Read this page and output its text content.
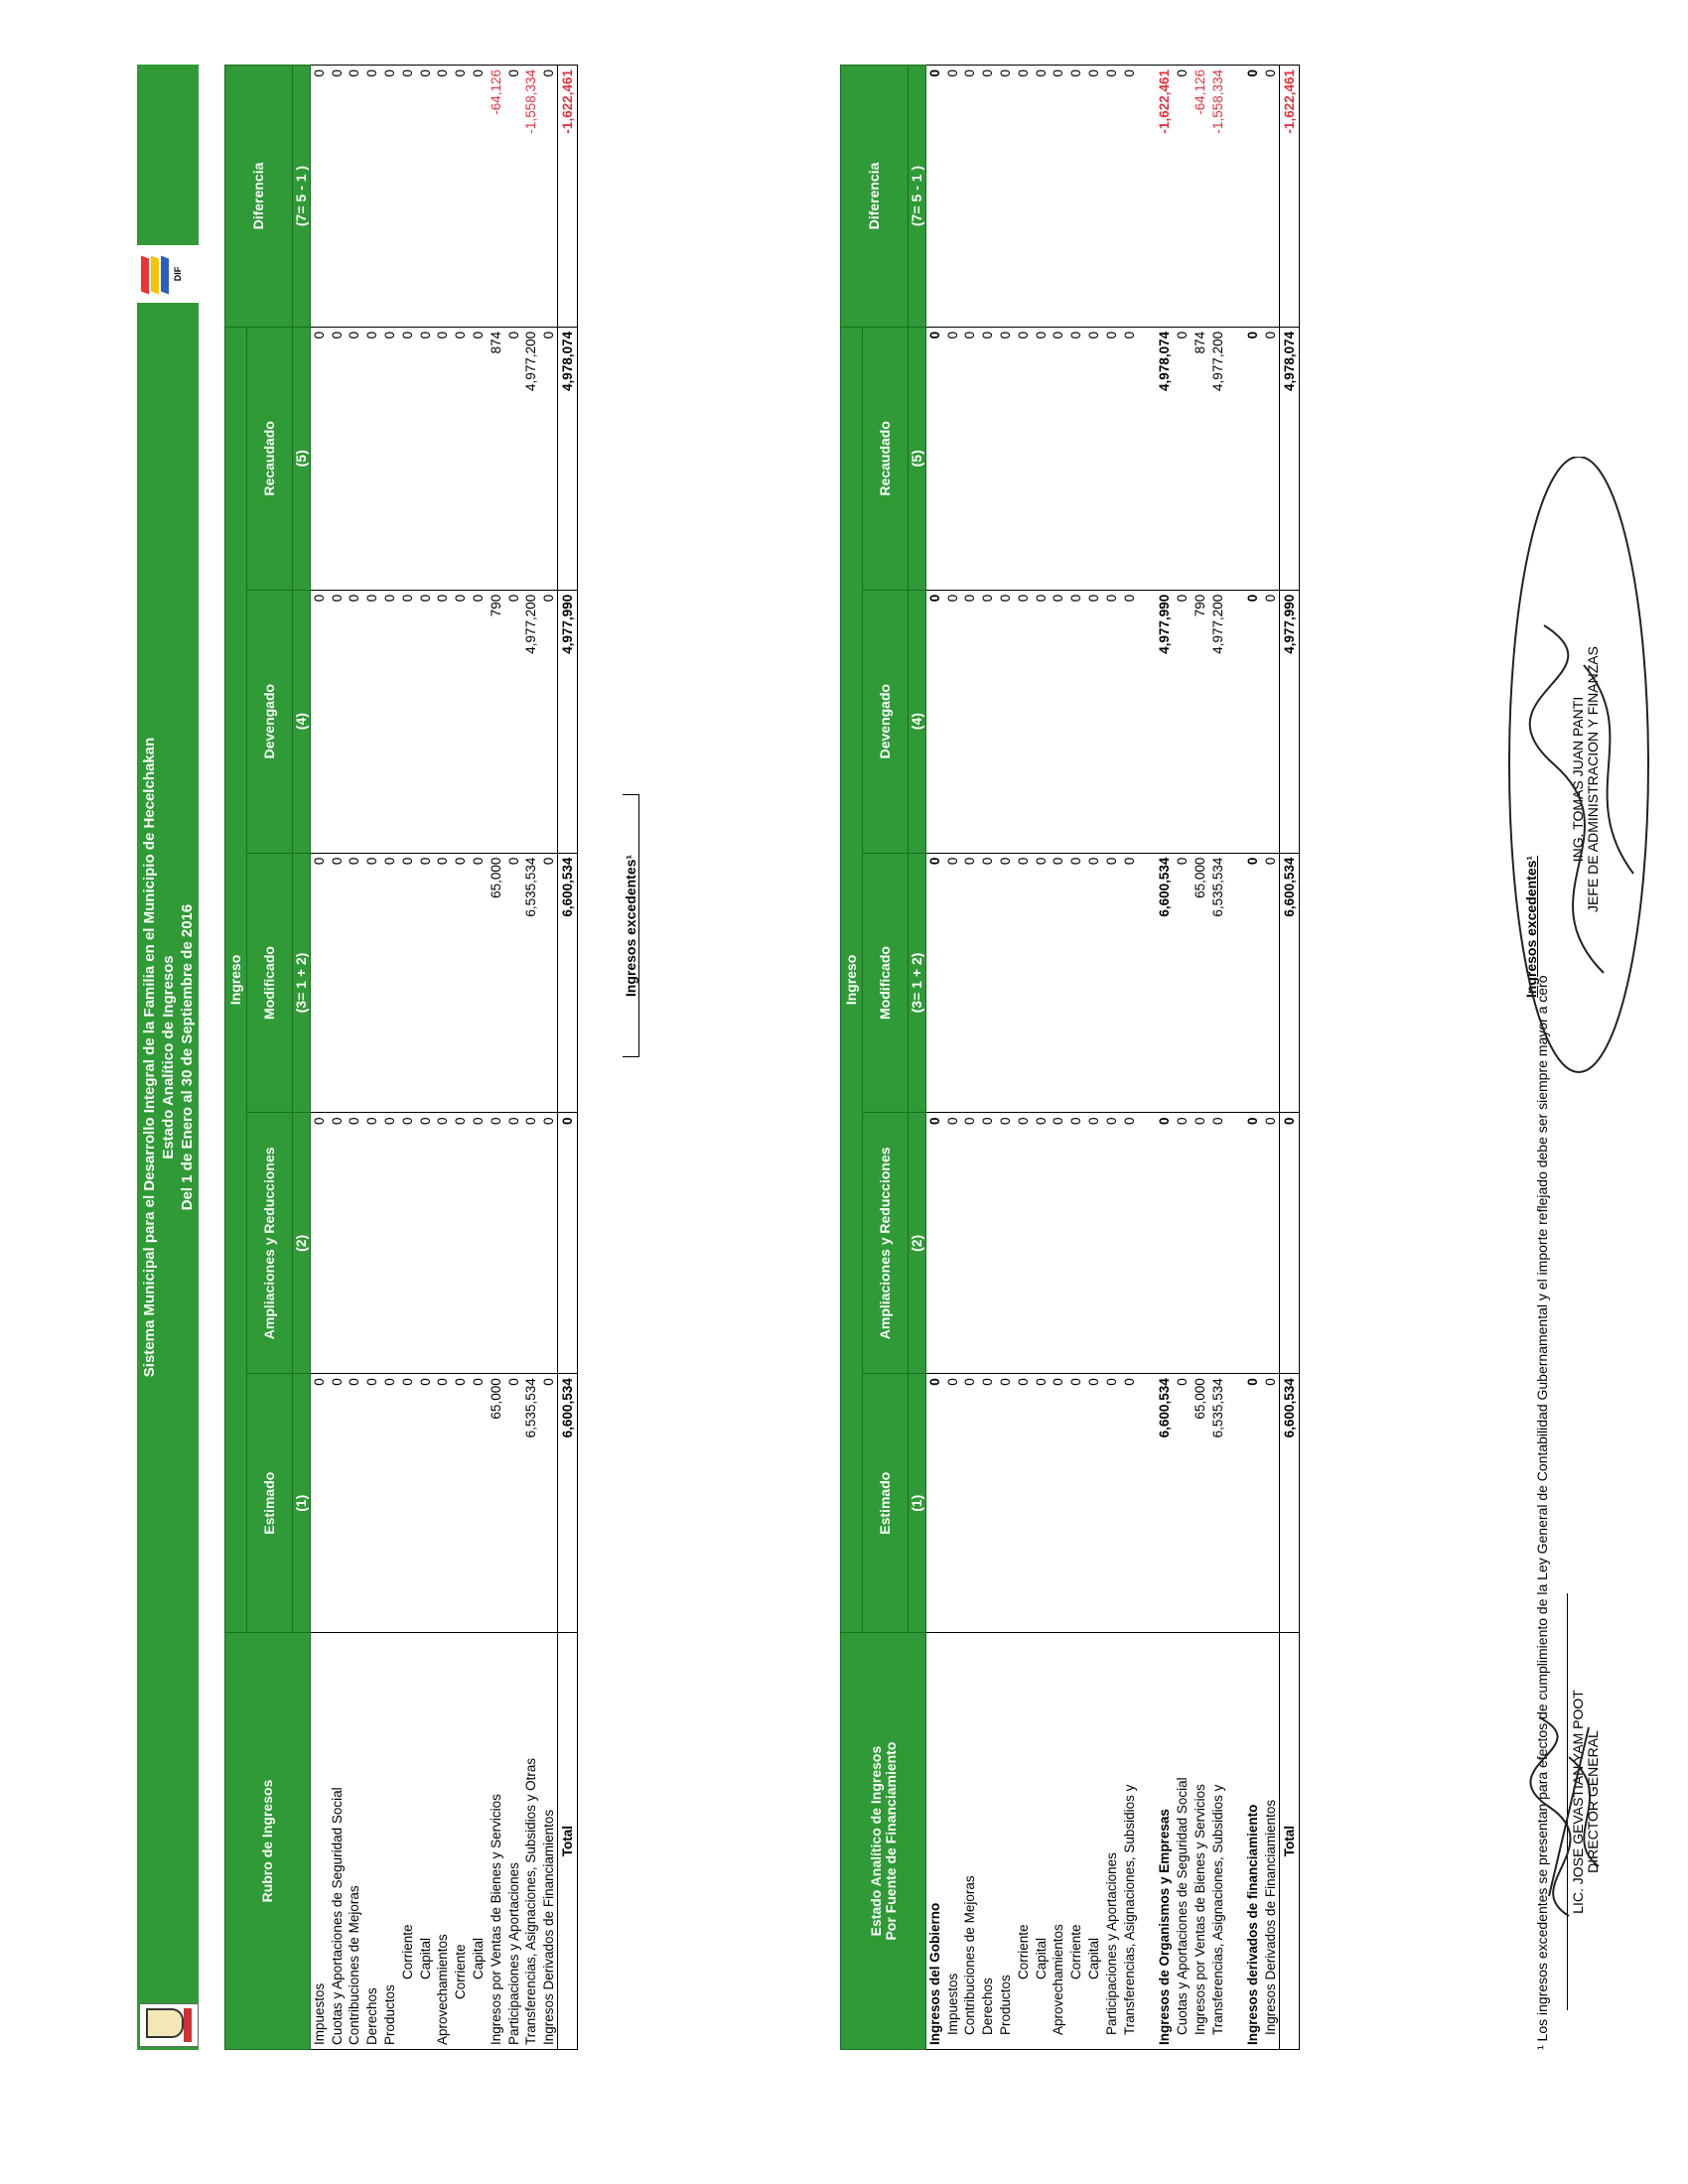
Sistema Municipal para el Desarrollo Integral de la Familia en el Municipio de Hecelchakan Estado Analítico de Ingresos Del 1 de Enero al 30 de Septiembre de 2016
DIF
Rubro de Ingresos	Ingreso					Diferencia
	Estimado	Ampliaciones y Reducciones	Modificado	Devengado	Recaudado	
	(1)	(2)	(3= 1 + 2)	(4)	(5)	(7= 5 - 1 )
Impuestos	0	0	0	0	0	0
Cuotas y Aportaciones de Seguridad Social	0	0	0	0	0	0
Contribuciones de Mejoras	0	0	0	0	0	0
Derechos	0	0	0	0	0	0
Productos	0	0	0	0	0	0
Corriente	0	0	0	0	0	0
Capital	0	0	0	0	0	0
Aprovechamientos	0	0	0	0	0	0
Corriente	0	0	0	0	0	0
Capital	0	0	0	0	0	0
Ingresos por Ventas de Bienes y Servicios	65,000	0	65,000	790	874	-64,126
Participaciones y Aportaciones	0	0	0	0	0	0
Transferencias, Asignaciones, Subsidios y Otras	6,535,534	0	6,535,534	4,977,200	4,977,200	-1,558,334
Ingresos Derivados de Financiamientos	0	0	0	0	0	0
Total	6,600,534	0	6,600,534	4,977,990	4,978,074	-1,622,461
Ingresos excedentes¹
Estado Analítico de Ingresos Por Fuente de Financiamiento	Ingreso					Diferencia
	Estimado	Ampliaciones y Reducciones	Modificado	Devengado	Recaudado	
	(1)	(2)	(3= 1 + 2)	(4)	(5)	(7= 5 - 1 )
Ingresos del Gobierno	0	0	0	0	0	0
Impuestos	0	0	0	0	0	0
Contribuciones de Mejoras	0	0	0	0	0	0
Derechos	0	0	0	0	0	0
Productos	0	0	0	0	0	0
Corriente	0	0	0	0	0	0
Capital	0	0	0	0	0	0
Aprovechamientos	0	0	0	0	0	0
Corriente	0	0	0	0	0	0
Capital	0	0	0	0	0	0
Participaciones y Aportaciones	0	0	0	0	0	0
Transferencias, Asignaciones, Subsidios y	0	0	0	0	0	0

Ingresos de Organismos y Empresas	6,600,534	0	6,600,534	4,977,990	4,978,074	-1,622,461
Cuotas y Aportaciones de Seguridad Social	0	0	0	0	0	0
Ingresos por Ventas de Bienes y Servicios	65,000	0	65,000	790	874	-64,126
Transferencias, Asignaciones, Subsidios y	6,535,534	0	6,535,534	4,977,200	4,977,200	-1,558,334

Ingresos derivados de financiamiento	0	0	0	0	0	0
Ingresos Derivados de Financiamientos	0	0	0	0	0	0
Total	6,600,534	0	6,600,534	4,977,990	4,978,074	-1,622,461
Ingresos excedentes¹
¹ Los ingresos excedentes se presentan para efectos de cumplimiento de la Ley General de Contabilidad Gubernamental y el importe reflejado debe ser siempre mayor a cero LIC. JOSE GEVASTIAN YAM POOT DIRECTOR GENERAL
ING. TOMAS JUAN PANTI JEFE DE ADMINISTRACION Y FINANZAS
